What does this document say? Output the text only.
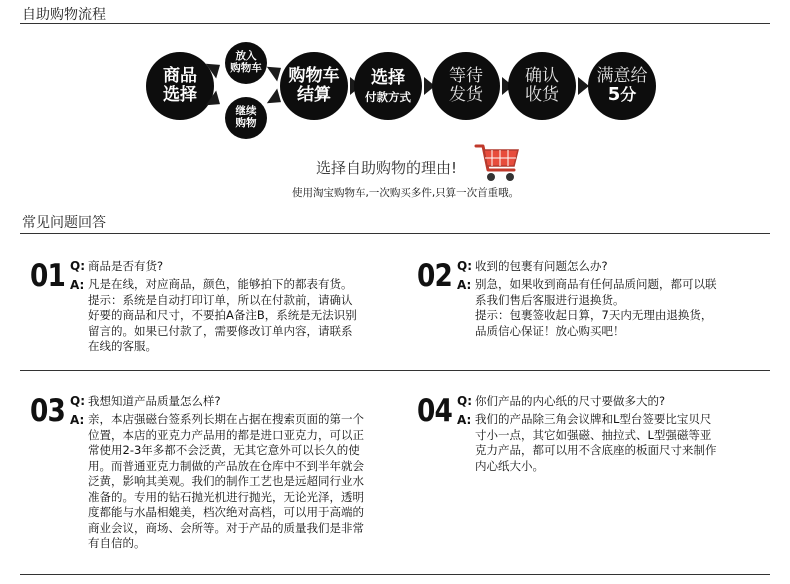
自助购物流程
商品
选择
放入
购物车
继续
购物
购物车
结算
选择
付款方式
等待
发货
确认
收货
满意给
5分
选择自助购物的理由!
使用淘宝购物车,一次购买多件,只算一次首重哦。
常见问题回答
01 Q:
A:
商品是否有货?

凡是在线，对应商品，颜色，能够拍下的都表有货。

提示：系统是自动打印订单，所以在付款前，请确认

好要的商品和尺寸，不要拍A备注B，系统是无法识别

留言的。如果已付款了，需要修改订单内容，请联系

在线的客服。

02 Q:
A:
收到的包裹有问题怎么办?

别急，如果收到商品有任何品质问题，都可以联

系我们售后客服进行退换货。

提示：包裹签收起日算，7天内无理由退换货，

品质信心保证！放心购买吧！

03 Q:
A:
我想知道产品质量怎么样?

亲，本店强磁台签系列长期在占据在搜索页面的第一个

位置，本店的亚克力产品用的都是进口亚克力，可以正

常使用2-3年多都不会泛黄，无其它意外可以长久的使

用。而普通亚克力制做的产品放在仓库中不到半年就会

泛黄，影响其美观。我们的制作工艺也是远超同行业水

准备的。专用的钻石抛光机进行抛光，无论光泽，透明

度都能与水晶相媲美，档次绝对高档，可以用于高端的

商业会议，商场、会所等。对于产品的质量我们是非常

有自信的。

04 Q:
A:
你们产品的内心纸的尺寸要做多大的?

我们的产品除三角会议牌和L型台签要比宝贝尺

寸小一点，其它如强磁、抽拉式、L型强磁等亚

克力产品，都可以用不含底座的板面尺寸来制作

内心纸大小。
